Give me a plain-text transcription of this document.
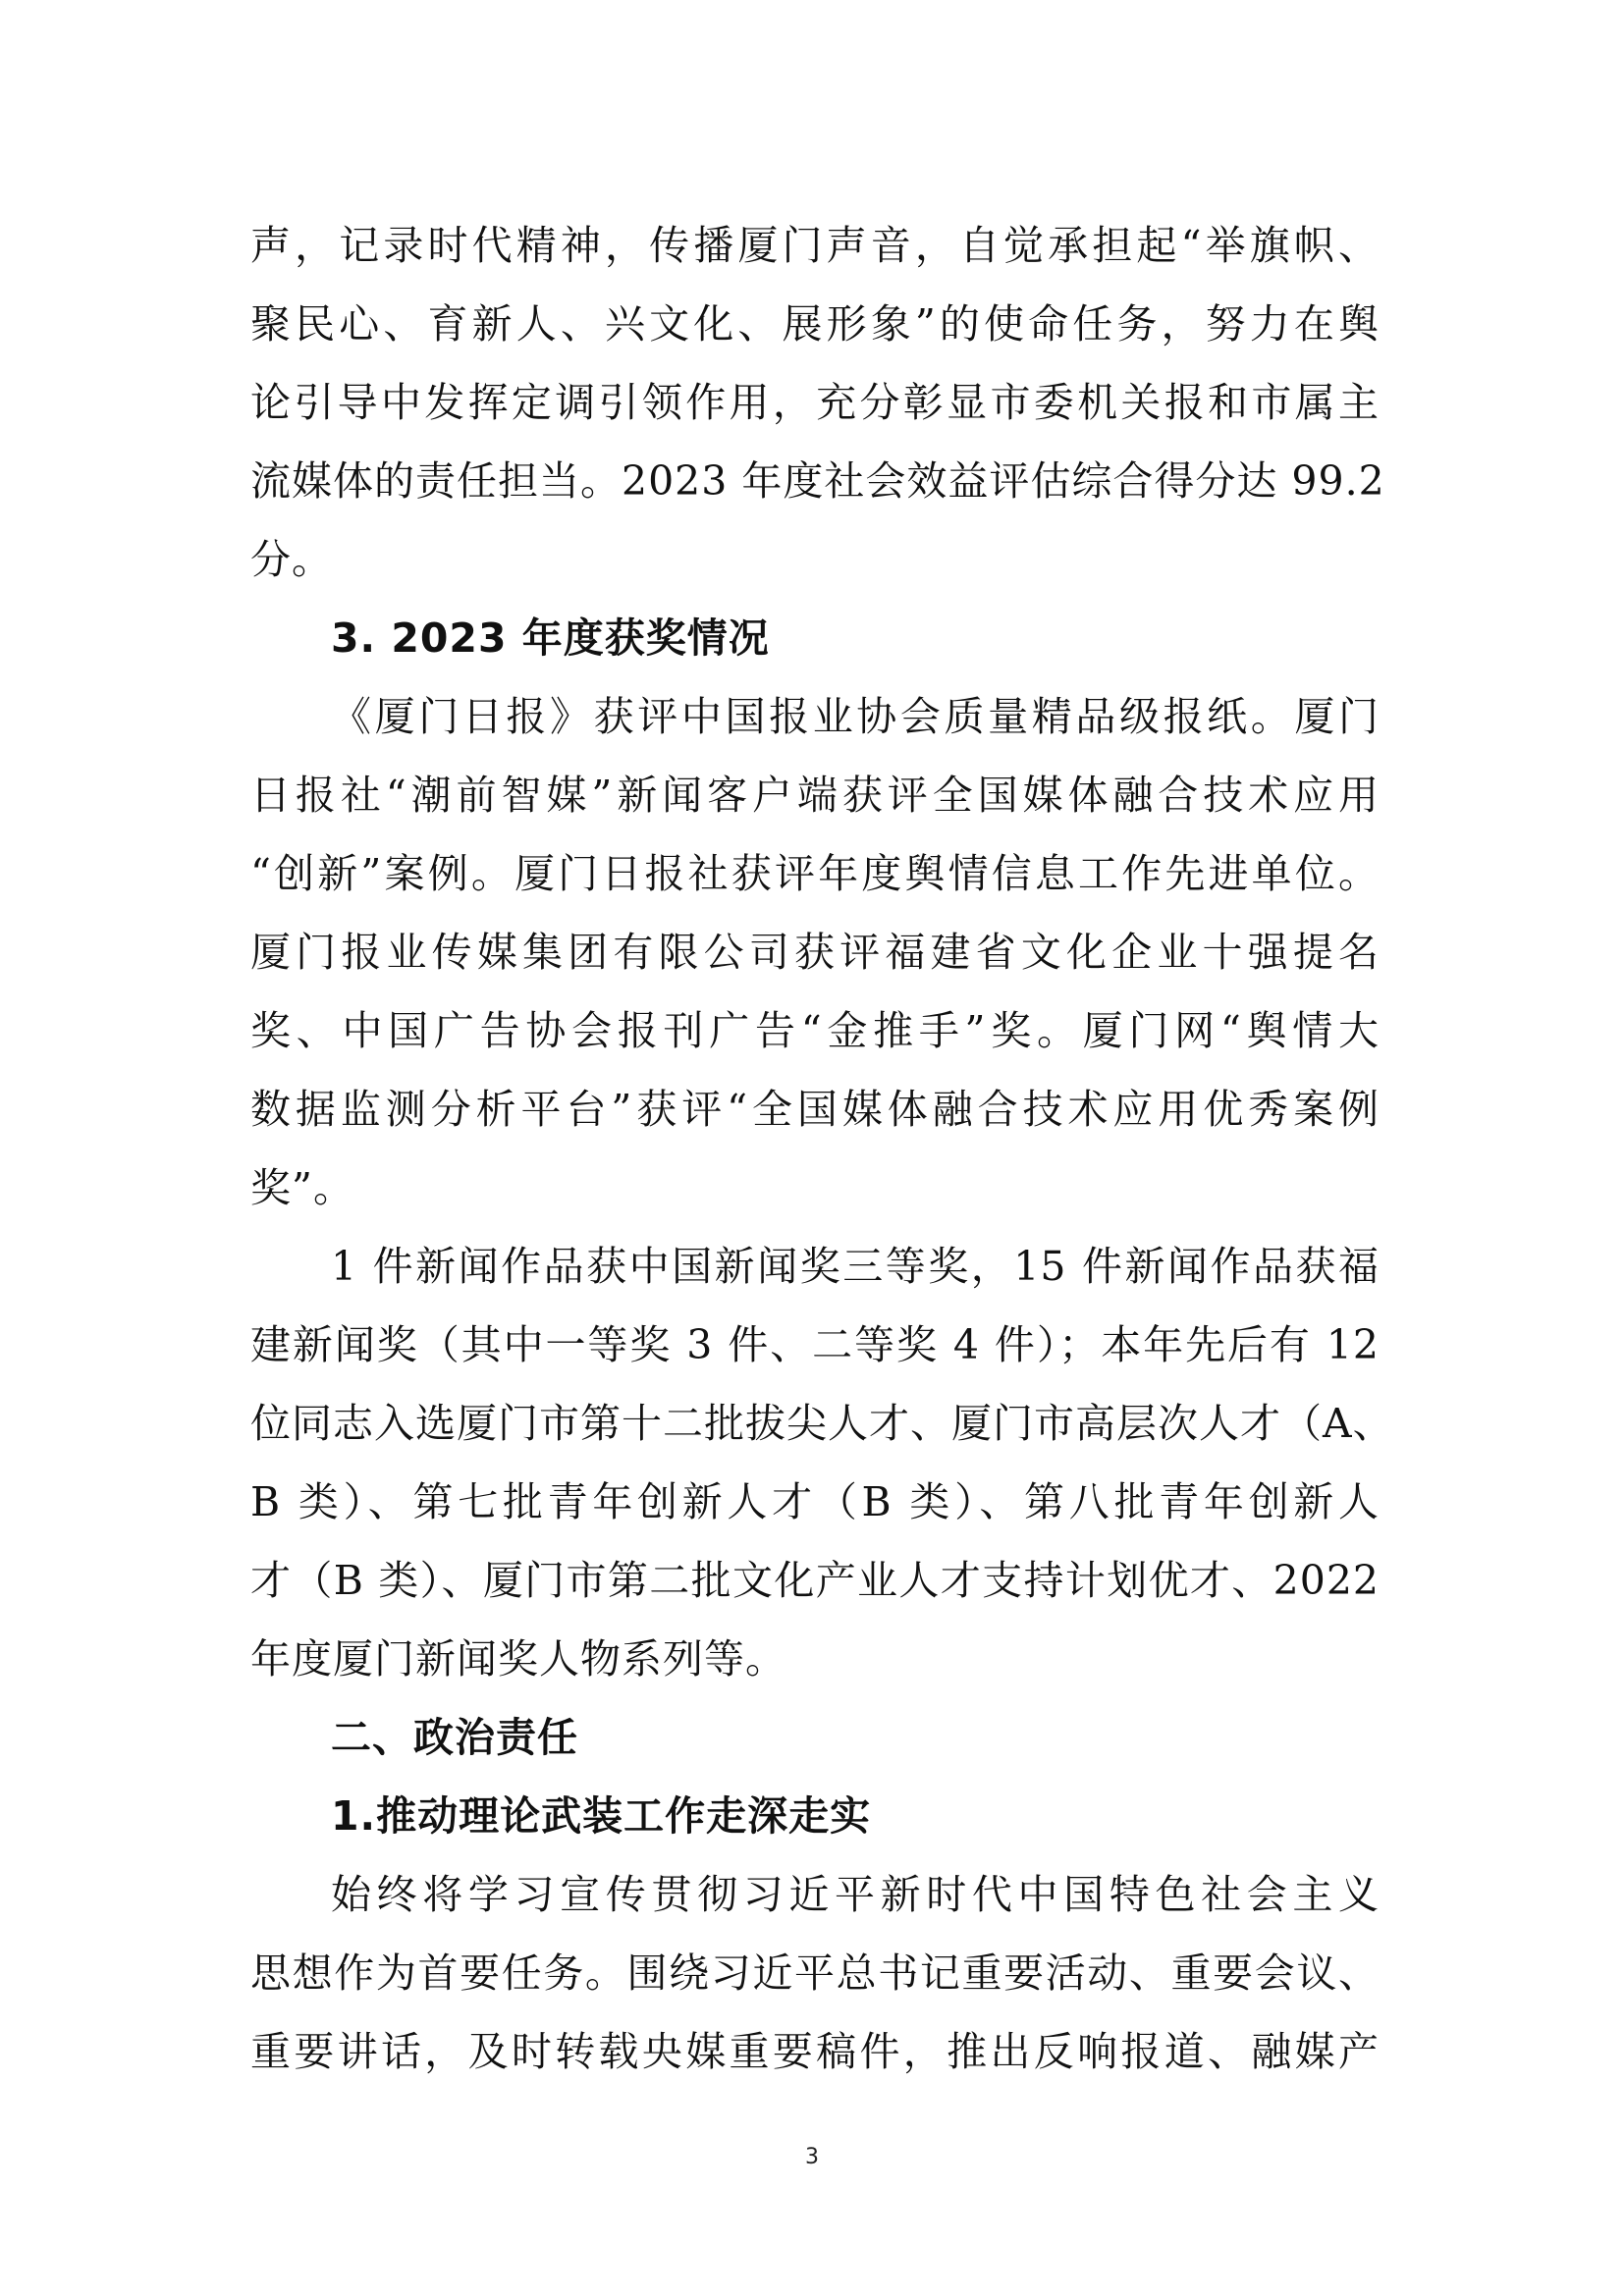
声，记录时代精神，传播厦门声音，自觉承担起“举旗帜、
聚民心、育新人、兴文化、展形象”的使命任务，努力在舆
论引导中发挥定调引领作用，充分彰显市委机关报和市属主
流媒体的责任担当。2023 年度社会效益评估综合得分达 99.2
分。
3. 2023 年度获奖情况
《厦门日报》获评中国报业协会质量精品级报纸。厦门
日报社“潮前智媒”新闻客户端获评全国媒体融合技术应用
“创新”案例。厦门日报社获评年度舆情信息工作先进单位。
厦门报业传媒集团有限公司获评福建省文化企业十强提名
奖、中国广告协会报刊广告“金推手”奖。厦门网“舆情大
数据监测分析平台”获评“全国媒体融合技术应用优秀案例
奖”。
1 件新闻作品获中国新闻奖三等奖，15 件新闻作品获福
建新闻奖（其中一等奖 3 件、二等奖 4 件）；本年先后有 12
位同志入选厦门市第十二批拔尖人才、厦门市高层次人才（A、
B 类）、第七批青年创新人才（B 类）、第八批青年创新人
才（B 类）、厦门市第二批文化产业人才支持计划优才、2022
年度厦门新闻奖人物系列等。
二、政治责任
1.推动理论武装工作走深走实
始终将学习宣传贯彻习近平新时代中国特色社会主义
思想作为首要任务。围绕习近平总书记重要活动、重要会议、
重要讲话，及时转载央媒重要稿件，推出反响报道、融媒产
3
